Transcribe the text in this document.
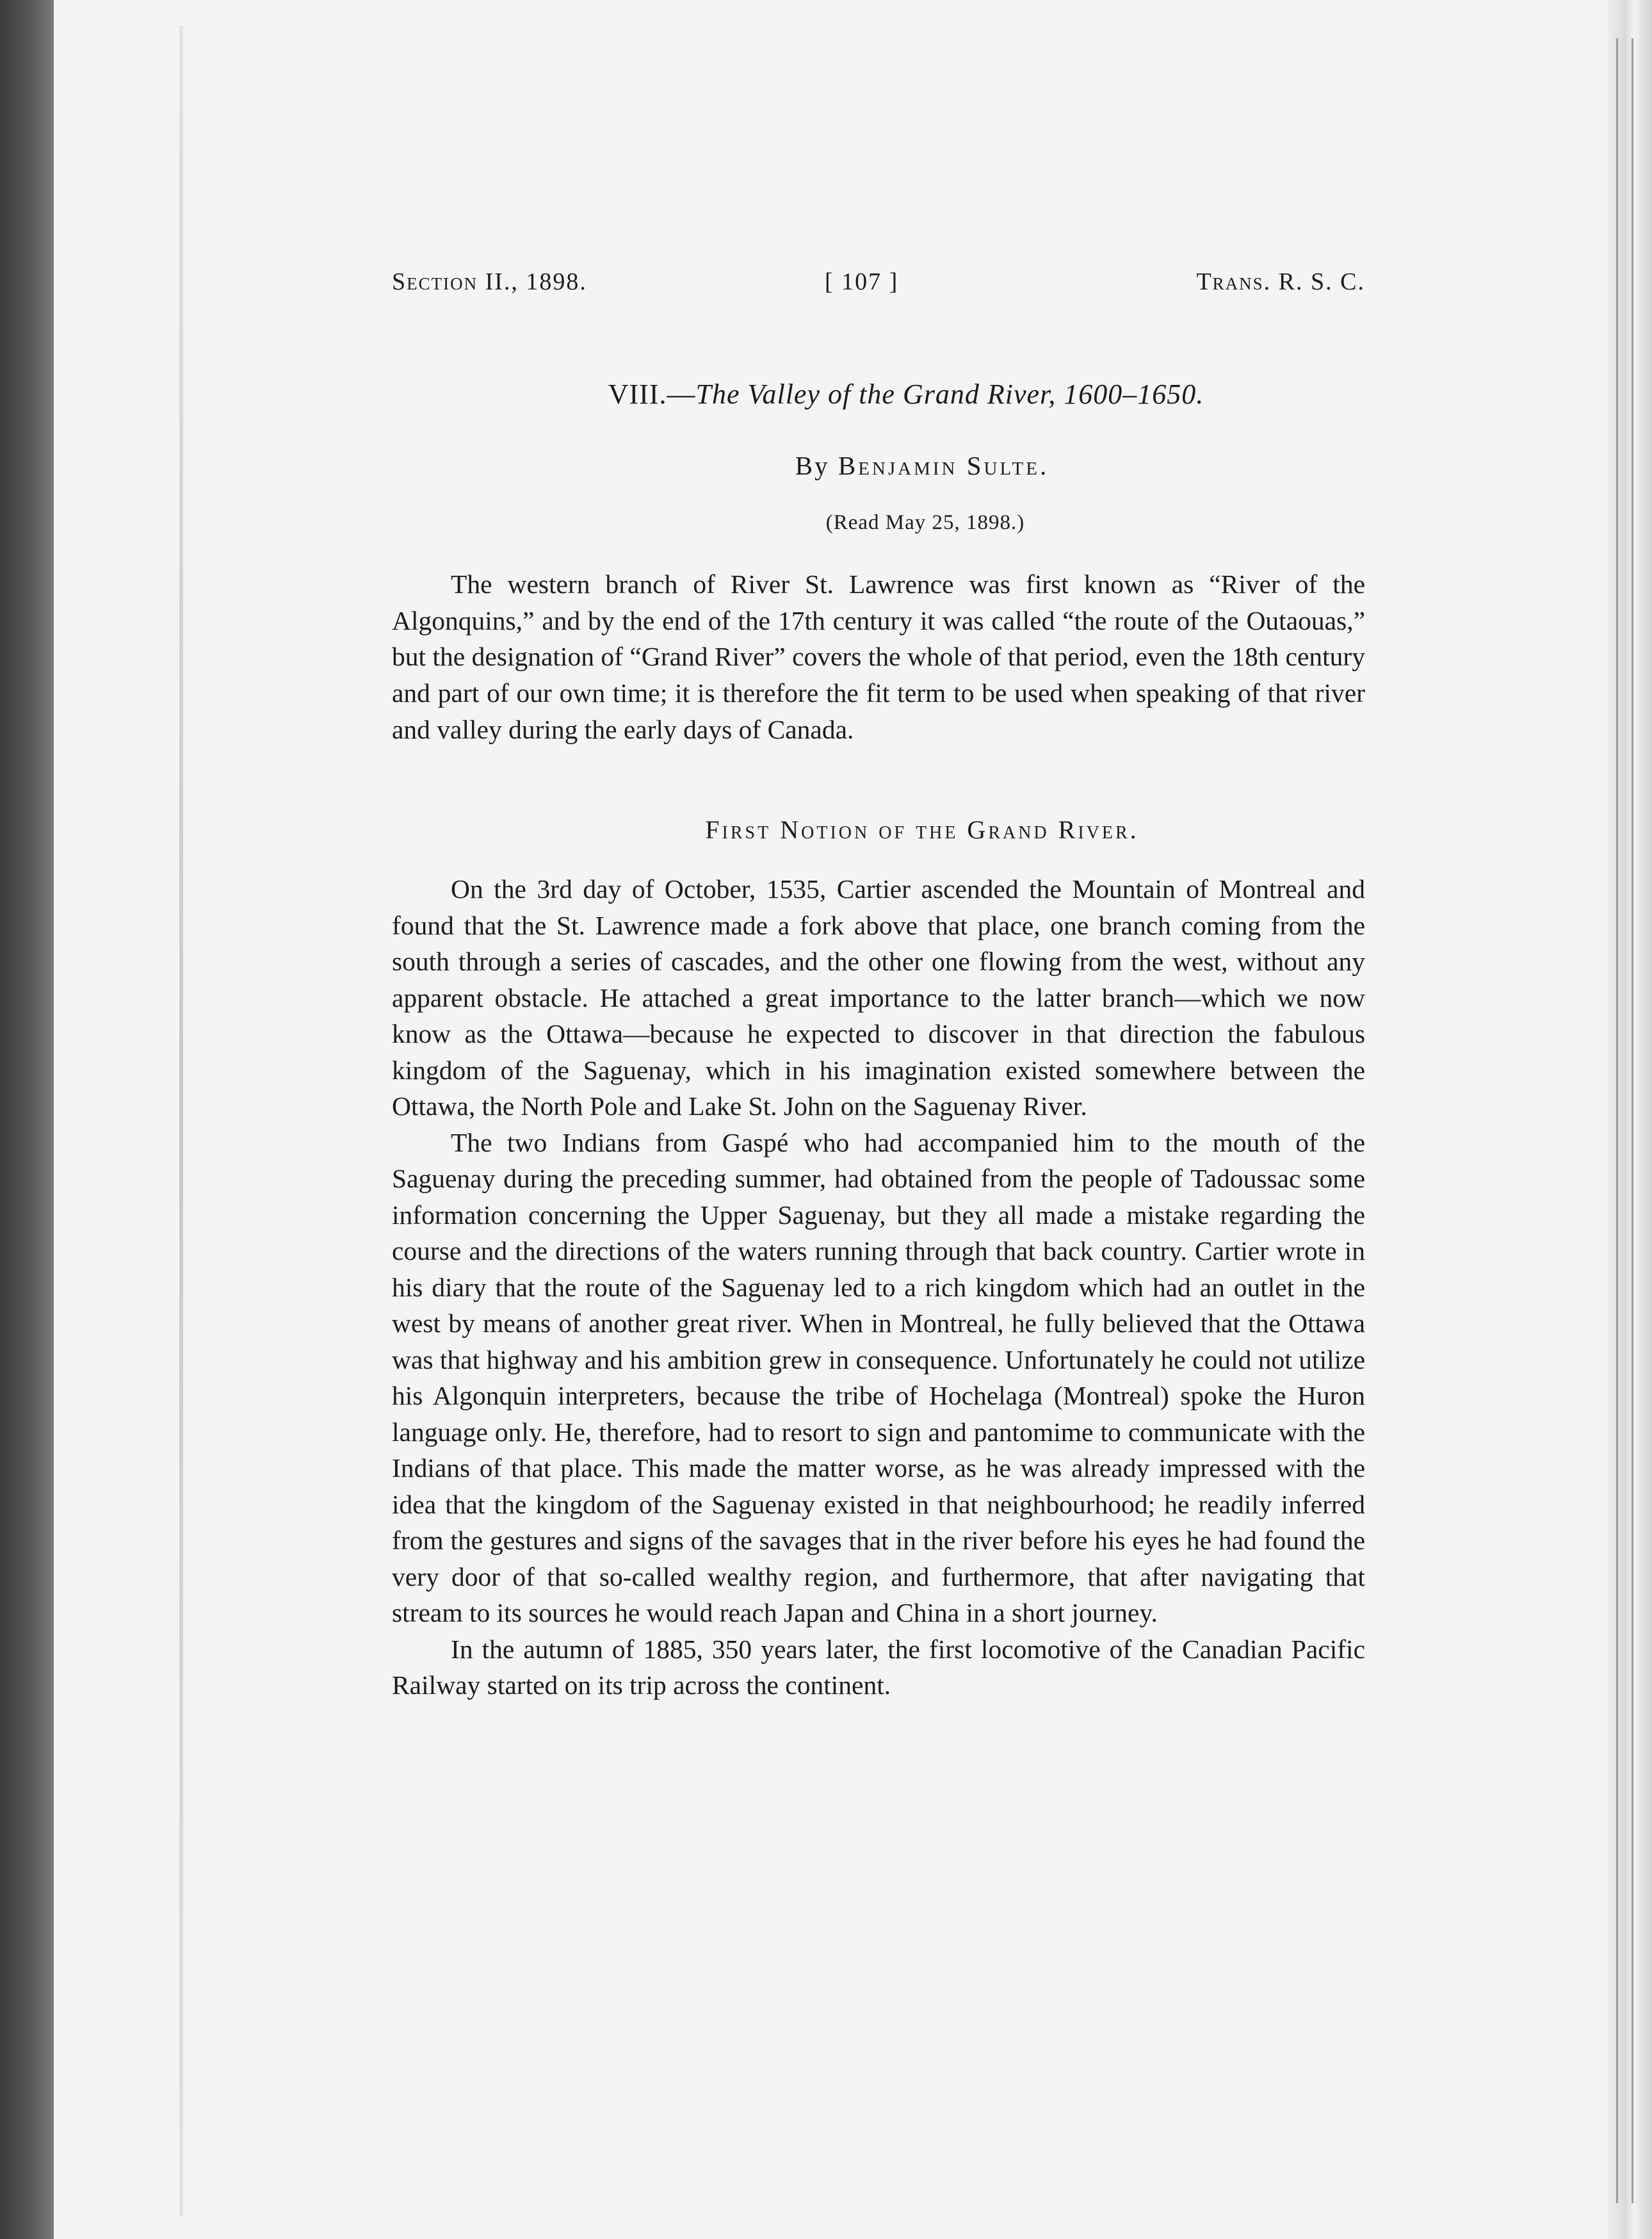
Section II., 1898.	[ 107 ]	Trans. R. S. C.
VIII.—The Valley of the Grand River, 1600–1650.
By Benjamin Sulte.
(Read May 25, 1898.)

The western branch of River St. Lawrence was first known as “River of the Algonquins,” and by the end of the 17th century it was called “the route of the Outaouas,” but the designation of “Grand River” covers the whole of that period, even the 18th century and part of our own time; it is therefore the fit term to be used when speaking of that river and valley during the early days of Canada.

First Notion of the Grand River.

On the 3rd day of October, 1535, Cartier ascended the Mountain of Montreal and found that the St. Lawrence made a fork above that place, one branch coming from the south through a series of cascades, and the other one flowing from the west, without any apparent obstacle. He attached a great importance to the latter branch—which we now know as the Ottawa—because he expected to discover in that direction the fabulous kingdom of the Saguenay, which in his imagination existed somewhere between the Ottawa, the North Pole and Lake St. John on the Saguenay River.

The two Indians from Gaspé who had accompanied him to the mouth of the Saguenay during the preceding summer, had obtained from the people of Tadoussac some information concerning the Upper Saguenay, but they all made a mistake regarding the course and the directions of the waters running through that back country. Cartier wrote in his diary that the route of the Saguenay led to a rich kingdom which had an outlet in the west by means of another great river. When in Montreal, he fully believed that the Ottawa was that highway and his ambition grew in consequence. Unfortunately he could not utilize his Algonquin interpreters, because the tribe of Hochelaga (Montreal) spoke the Huron language only. He, therefore, had to resort to sign and pantomime to communicate with the Indians of that place. This made the matter worse, as he was already impressed with the idea that the kingdom of the Saguenay existed in that neighbourhood; he readily inferred from the gestures and signs of the savages that in the river before his eyes he had found the very door of that so-called wealthy region, and furthermore, that after navigating that stream to its sources he would reach Japan and China in a short journey.

In the autumn of 1885, 350 years later, the first locomotive of the Canadian Pacific Railway started on its trip across the continent.
